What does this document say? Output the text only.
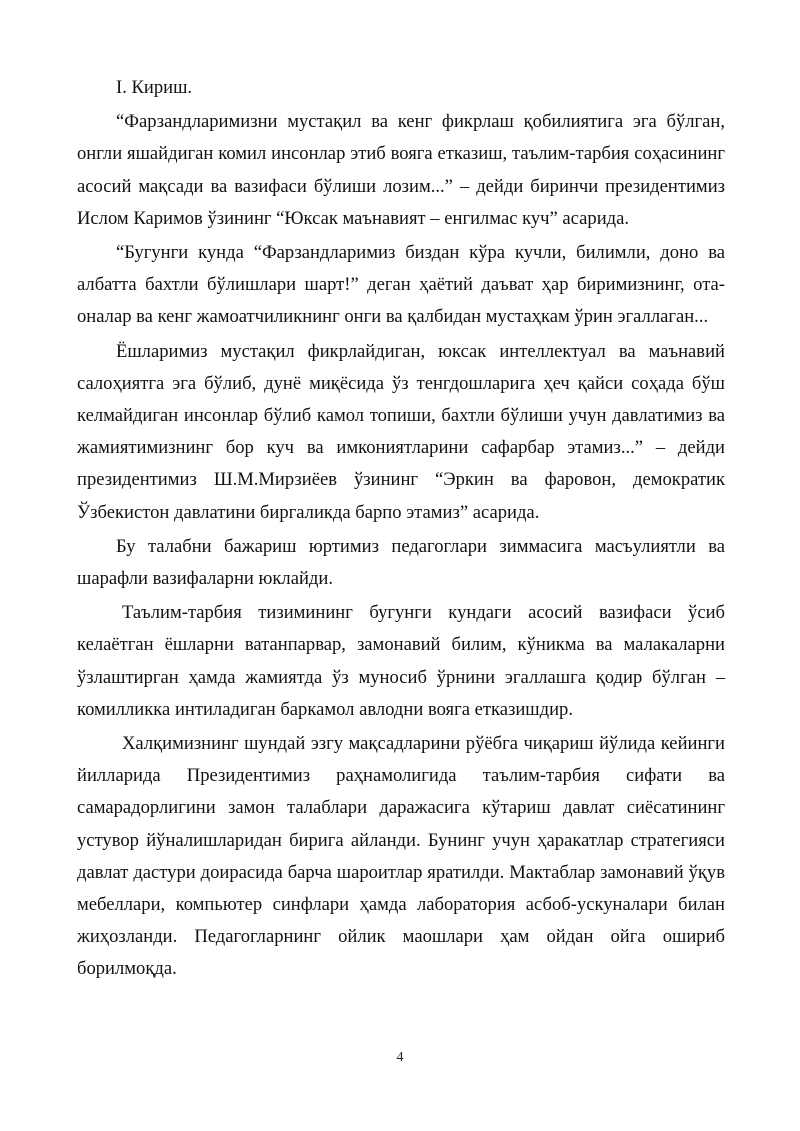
I. Кириш.

“Фарзандларимизни мустақил ва кенг фикрлаш қобилиятига эга бўлган, онгли яшайдиган комил инсонлар этиб вояга етказиш, таълим-тарбия соҳасининг асосий мақсади ва вазифаси бўлиши лозим...” – дейди биринчи президентимиз Ислом Каримов ўзининг “Юксак маънавият – енгилмас куч” асарида.

“Бугунги кунда “Фарзандларимиз биздан кўра кучли, билимли, доно ва албатта бахтли бўлишлари шарт!” деган ҳаётий даъват ҳар биримизнинг, ота-оналар ва кенг жамоатчиликнинг онги ва қалбидан мустаҳкам ўрин эгаллаган...

Ёшларимиз мустақил фикрлайдиган, юксак интеллектуал ва маънавий салоҳиятга эга бўлиб, дунё миқёсида ўз тенгдошларига ҳеч қайси соҳада бўш келмайдиган инсонлар бўлиб камол топиши, бахтли бўлиши учун давлатимиз ва жамиятимизнинг бор куч ва имкониятларини сафарбар этамиз...” – дейди президентимиз Ш.М.Мирзиёев ўзининг “Эркин ва фаровон, демократик Ўзбекистон давлатини биргаликда барпо этамиз” асарида.

Бу талабни бажариш юртимиз педагоглари зиммасига масъулиятли ва шарафли вазифаларни юклайди.

Таълим-тарбия тизимининг бугунги кундаги асосий вазифаси ўсиб келаётган ёшларни ватанпарвар, замонавий билим, кўникма ва малакаларни ўзлаштирган ҳамда жамиятда ўз муносиб ўрнини эгаллашга қодир бўлган – комилликка интиладиган баркамол авлодни вояга етказишдир.

Халқимизнинг шундай эзгу мақсадларини рўёбга чиқариш йўлида кейинги йилларида Президентимиз раҳнамолигида таълим-тарбия сифати ва самарадорлигини замон талаблари даражасига кўтариш давлат сиёсатининг устувор йўналишларидан бирига айланди. Бунинг учун ҳаракатлар стратегияси давлат дастури доирасида барча шароитлар яратилди. Мактаблар замонавий ўқув мебеллари, компьютер синфлари ҳамда лаборатория асбоб-ускуналари билан жиҳозланди. Педагогларнинг ойлик маошлари ҳам ойдан ойга ошириб борилмоқда.

4
